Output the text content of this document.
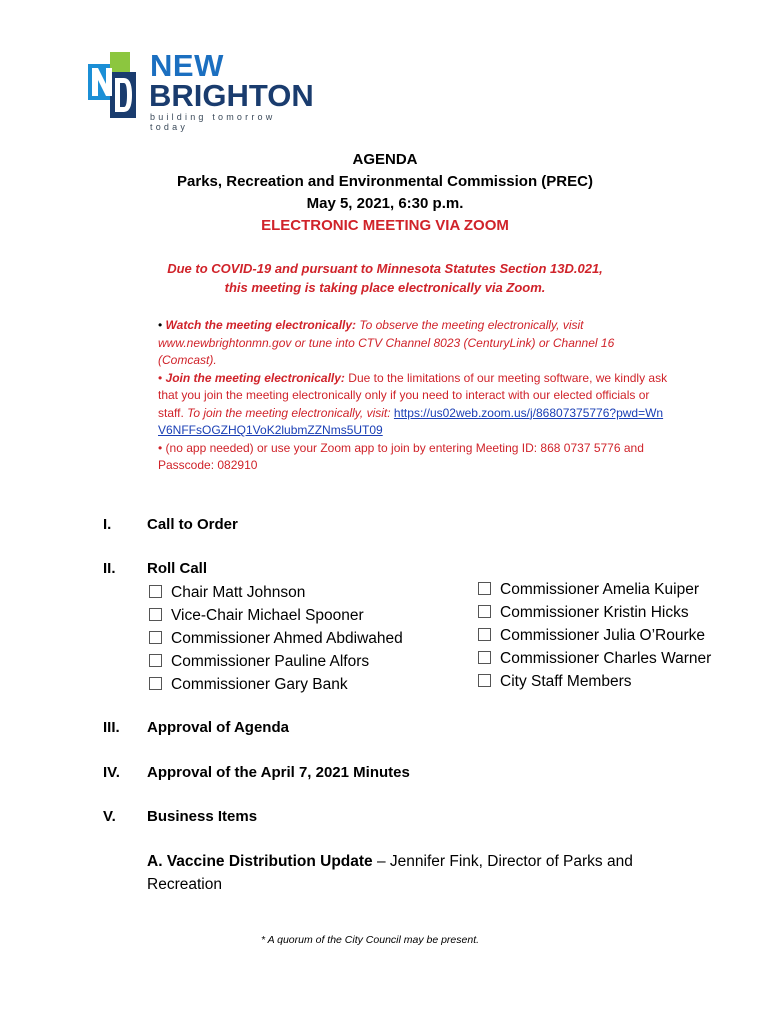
NEW
BRIGHTON
building tomorrow today
AGENDA
Parks, Recreation and Environmental Commission (PREC)
May 5, 2021, 6:30 p.m.
ELECTRONIC MEETING VIA ZOOM
Due to COVID-19 and pursuant to Minnesota Statutes Section 13D.021,
this meeting is taking place electronically via Zoom.
• Watch the meeting electronically: To observe the meeting electronically, visit www.newbrightonmn.gov or tune into CTV Channel 8023 (CenturyLink) or Channel 16 (Comcast).
• Join the meeting electronically: Due to the limitations of our meeting software, we kindly ask that you join the meeting electronically only if you need to interact with our elected officials or staff. To join the meeting electronically, visit: https://us02web.zoom.us/j/86807375776?pwd=WnV6NFFsOGZHQ1VoK2lubmZZNms5UT09
• (no app needed) or use your Zoom app to join by entering Meeting ID: 868 0737 5776 and Passcode: 082910
I. Call to Order
II. Roll Call
Chair Matt Johnson
Vice-Chair Michael Spooner
Commissioner Ahmed Abdiwahed
Commissioner Pauline Alfors
Commissioner Gary Bank
Commissioner Amelia Kuiper
Commissioner Kristin Hicks
Commissioner Julia O’Rourke
Commissioner Charles Warner
City Staff Members
III. Approval of Agenda
IV. Approval of the April 7, 2021 Minutes
V. Business Items
A. Vaccine Distribution Update – Jennifer Fink, Director of Parks and Recreation
* A quorum of the City Council may be present.
